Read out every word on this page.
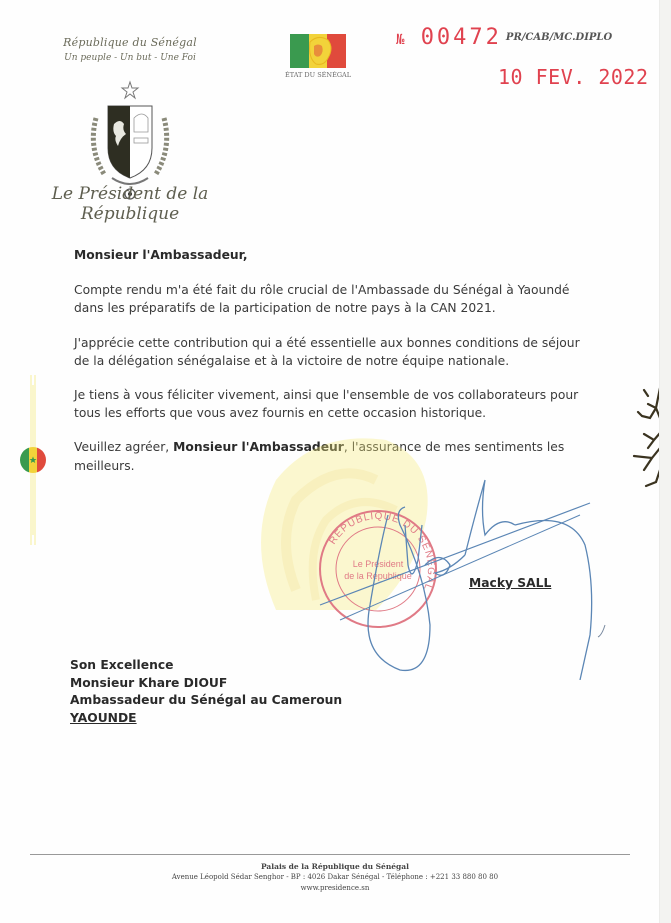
République du Sénégal
Un peuple - Un but - Une Foi
Le Président de la République
ÉTAT DU SÉNÉGAL
№ 00472 PR/CAB/MC.DIPLO
10 FEV. 2022
Monsieur l'Ambassadeur,
Compte rendu m'a été fait du rôle crucial de l'Ambassade du Sénégal à Yaoundé dans les préparatifs de la participation de notre pays à la CAN 2021.
J'apprécie cette contribution qui a été essentielle aux bonnes conditions de séjour de la délégation sénégalaise et à la victoire de notre équipe nationale.
Je tiens à vous féliciter vivement, ainsi que l'ensemble de vos collaborateurs pour tous les efforts que vous avez fournis en cette occasion historique.
Veuillez agréer, Monsieur l'Ambassadeur, l'assurance de mes sentiments les meilleurs.
RÉPUBLIQUE DU SÉNÉGAL
Le Président
de la République	Macky SALL
Son Excellence
Monsieur Khare DIOUF
Ambassadeur du Sénégal au Cameroun
YAOUNDE
Palais de la République du Sénégal
Avenue Léopold Sédar Senghor - BP : 4026 Dakar Sénégal - Téléphone : +221 33 880 80 80
www.presidence.sn
